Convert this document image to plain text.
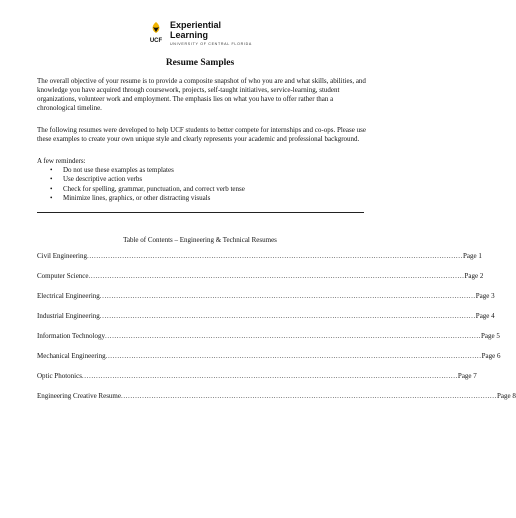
UCF
Experiential
Learning
UNIVERSITY OF CENTRAL FLORIDA
Resume Samples

The overall objective of your resume is to provide a composite snapshot of who you are and what skills, abilities, and knowledge you have acquired through coursework, projects, self-taught initiatives, service-learning, student organizations, volunteer work and employment. The emphasis lies on what you have to offer rather than a chronological timeline.

The following resumes were developed to help UCF students to better compete for internships and co-ops. Please use these examples to create your own unique style and clearly represents your academic and professional background.

A few reminders:
• Do not use these examples as templates
• Use descriptive action verbs
• Check for spelling, grammar, punctuation, and correct verb tense
• Minimize lines, graphics, or other distracting visuals
Table of Contents – Engineering & Technical Resumes
Civil Engineering ................................................................................................................................................................ Page 1
Computer Science ................................................................................................................................................................ Page 2
Electrical Engineering ................................................................................................................................................................ Page 3
Industrial Engineering ................................................................................................................................................................ Page 4
Information Technology ................................................................................................................................................................ Page 5
Mechanical Engineering ................................................................................................................................................................ Page 6
Optic Photonics ................................................................................................................................................................ Page 7
Engineering Creative Resume ................................................................................................................................................................ Page 8
